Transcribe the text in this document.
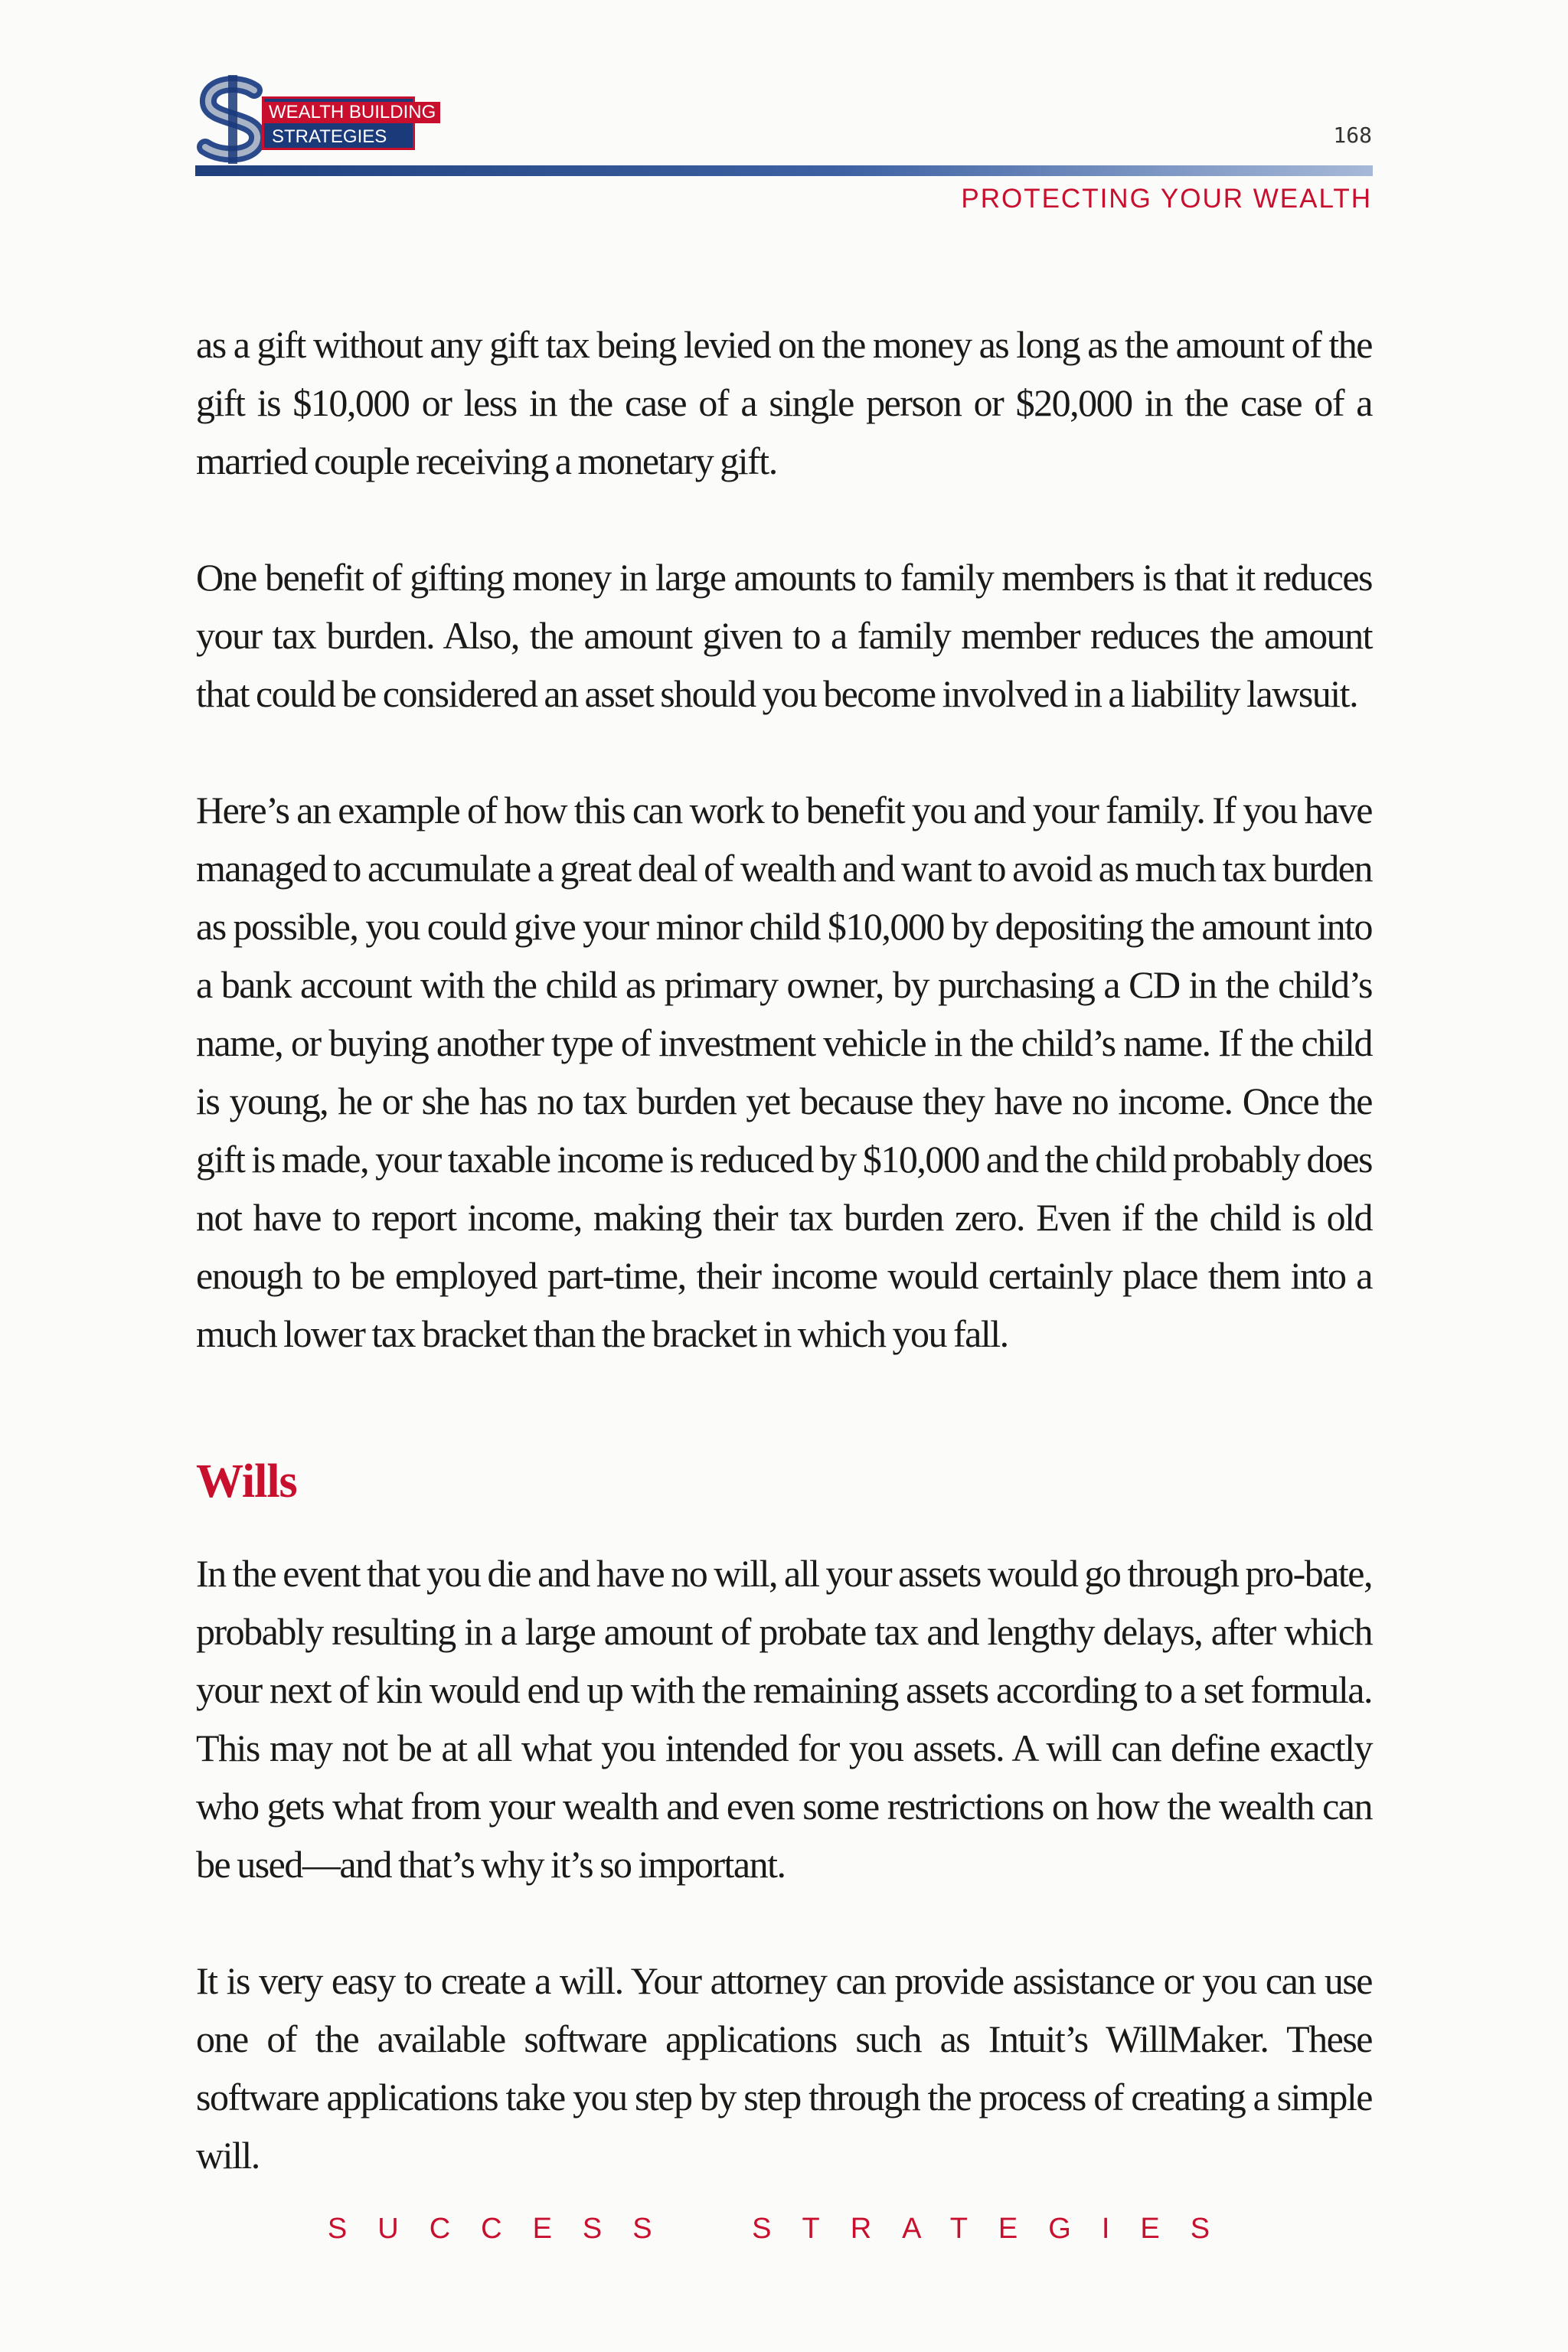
WEALTH BUILDING
STRATEGIES	168
PROTECTING YOUR WEALTH

as a gift without any gift tax being levied on the money as long as the amount of the gift is $10,000 or less in the case of a single person or $20,000 in the case of a married couple receiving a monetary gift.

One benefit of gifting money in large amounts to family members is that it reduces your tax burden. Also, the amount given to a family member reduces the amount that could be considered an asset should you become involved in a liability lawsuit.

Here’s an example of how this can work to benefit you and your family. If you have managed to accumulate a great deal of wealth and want to avoid as much tax burden as possible, you could give your minor child $10,000 by depositing the amount into a bank account with the child as primary owner, by purchasing a CD in the child’s name, or buying another type of investment vehicle in the child’s name. If the child is young, he or she has no tax burden yet because they have no income. Once the gift is made, your taxable income is reduced by $10,000 and the child probably does not have to report income, making their tax burden zero. Even if the child is old enough to be employed part-time, their income would certainly place them into a much lower tax bracket than the bracket in which you fall.

Wills

In the event that you die and have no will, all your assets would go through pro-bate, probably resulting in a large amount of probate tax and lengthy delays, after which your next of kin would end up with the remaining assets according to a set formula. This may not be at all what you intended for you assets. A will can define exactly who gets what from your wealth and even some restrictions on how the wealth can be used—and that’s why it’s so important.

It is very easy to create a will. Your attorney can provide assistance or you can use one of the available software applications such as Intuit’s WillMaker. These software applications take you step by step through the process of creating a simple will.

SUCCESS STRATEGIES
